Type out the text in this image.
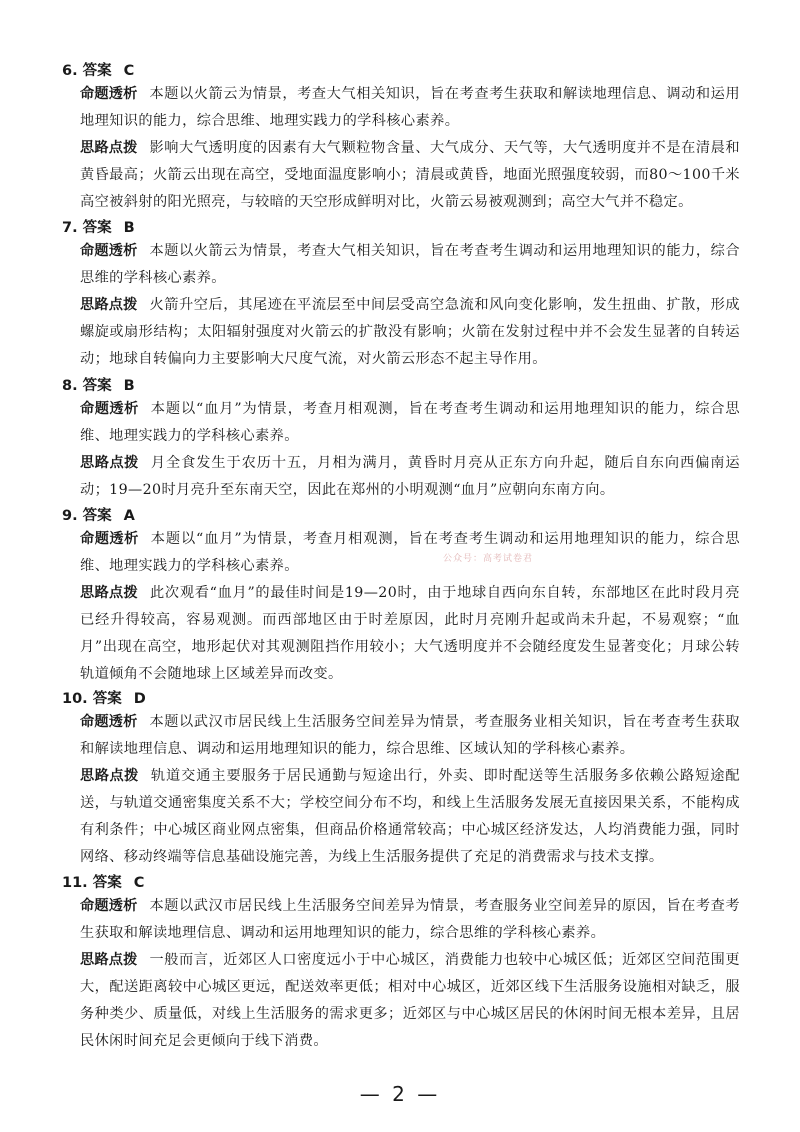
6. 答案 C
命题透析 本题以火箭云为情景，考查大气相关知识，旨在考查考生获取和解读地理信息、调动和运用地理知识的能力，综合思维、地理实践力的学科核心素养。
思路点拨 影响大气透明度的因素有大气颗粒物含量、大气成分、天气等，大气透明度并不是在清晨和黄昏最高；火箭云出现在高空，受地面温度影响小；清晨或黄昏，地面光照强度较弱，而80～100千米高空被斜射的阳光照亮，与较暗的天空形成鲜明对比，火箭云易被观测到；高空大气并不稳定。
7. 答案 B
命题透析 本题以火箭云为情景，考查大气相关知识，旨在考查考生调动和运用地理知识的能力，综合思维的学科核心素养。
思路点拨 火箭升空后，其尾迹在平流层至中间层受高空急流和风向变化影响，发生扭曲、扩散，形成螺旋或扇形结构；太阳辐射强度对火箭云的扩散没有影响；火箭在发射过程中并不会发生显著的自转运动；地球自转偏向力主要影响大尺度气流，对火箭云形态不起主导作用。
8. 答案 B
命题透析 本题以“血月”为情景，考查月相观测，旨在考查考生调动和运用地理知识的能力，综合思维、地理实践力的学科核心素养。
思路点拨 月全食发生于农历十五，月相为满月，黄昏时月亮从正东方向升起，随后自东向西偏南运动；19—20时月亮升至东南天空，因此在郑州的小明观测“血月”应朝向东南方向。
9. 答案 A
命题透析 本题以“血月”为情景，考查月相观测，旨在考查考生调动和运用地理知识的能力，综合思维、地理实践力的学科核心素养。
思路点拨 此次观看“血月”的最佳时间是19—20时，由于地球自西向东自转，东部地区在此时段月亮已经升得较高，容易观测。而西部地区由于时差原因，此时月亮刚升起或尚未升起，不易观察；“血月”出现在高空，地形起伏对其观测阻挡作用较小；大气透明度并不会随经度发生显著变化；月球公转轨道倾角不会随地球上区域差异而改变。
10. 答案 D
命题透析 本题以武汉市居民线上生活服务空间差异为情景，考查服务业相关知识，旨在考查考生获取和解读地理信息、调动和运用地理知识的能力，综合思维、区域认知的学科核心素养。
思路点拨 轨道交通主要服务于居民通勤与短途出行，外卖、即时配送等生活服务多依赖公路短途配送，与轨道交通密集度关系不大；学校空间分布不均，和线上生活服务发展无直接因果关系，不能构成有利条件；中心城区商业网点密集，但商品价格通常较高；中心城区经济发达，人均消费能力强，同时网络、移动终端等信息基础设施完善，为线上生活服务提供了充足的消费需求与技术支撑。
11. 答案 C
命题透析 本题以武汉市居民线上生活服务空间差异为情景，考查服务业空间差异的原因，旨在考查考生获取和解读地理信息、调动和运用地理知识的能力，综合思维的学科核心素养。
思路点拨 一般而言，近郊区人口密度远小于中心城区，消费能力也较中心城区低；近郊区空间范围更大，配送距离较中心城区更远，配送效率更低；相对中心城区，近郊区线下生活服务设施相对缺乏，服务种类少、质量低，对线上生活服务的需求更多；近郊区与中心城区居民的休闲时间无根本差异，且居民休闲时间充足会更倾向于线下消费。
公众号：高考试卷君
— 2 —
